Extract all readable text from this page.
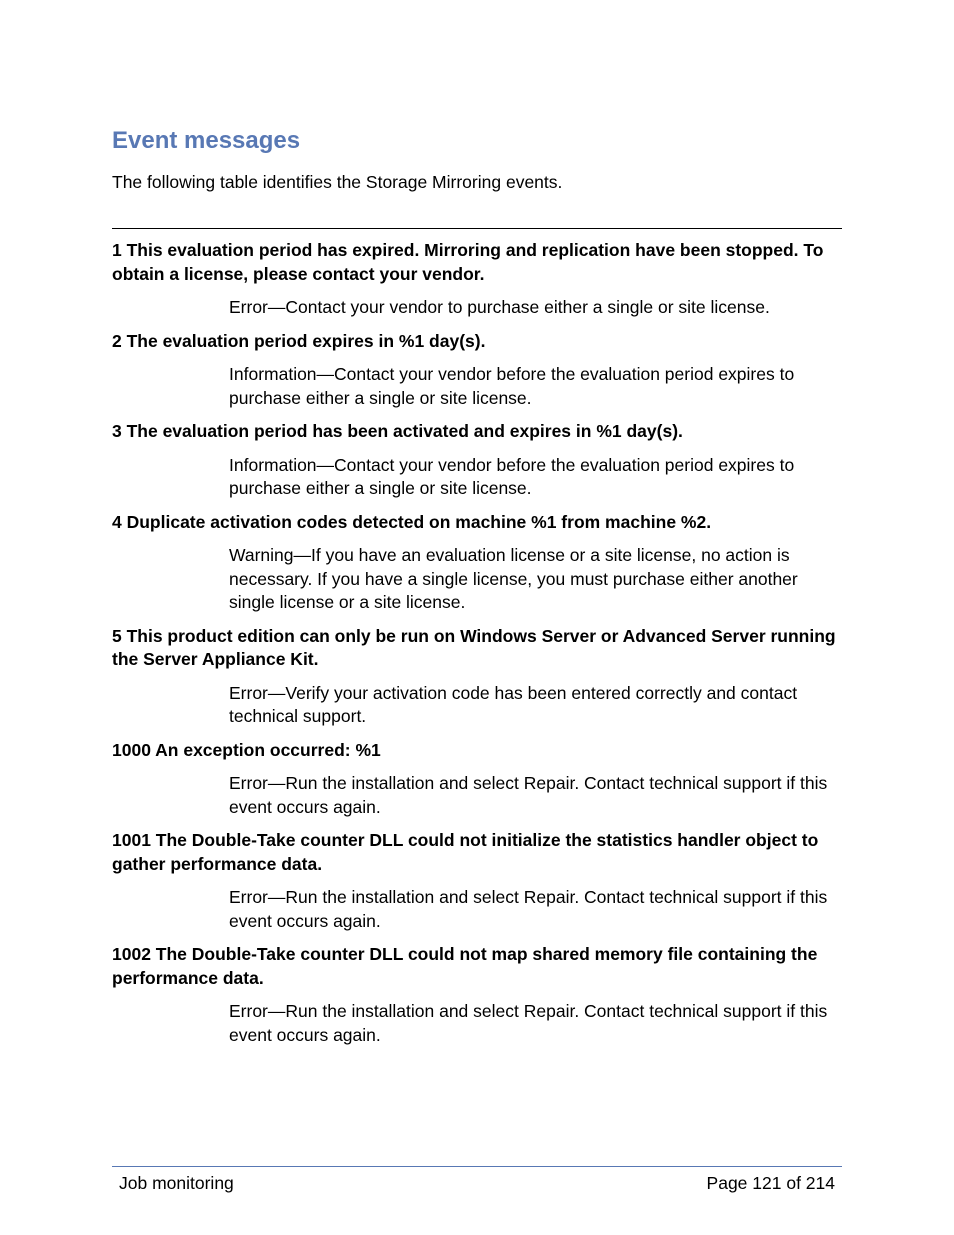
Event messages

The following table identifies the Storage Mirroring events.

1 This evaluation period has expired. Mirroring and replication have been stopped. To obtain a license, please contact your vendor.

Error—Contact your vendor to purchase either a single or site license.

2 The evaluation period expires in %1 day(s).

Information—Contact your vendor before the evaluation period expires to purchase either a single or site license.

3 The evaluation period has been activated and expires in %1 day(s).

Information—Contact your vendor before the evaluation period expires to purchase either a single or site license.

4 Duplicate activation codes detected on machine %1 from machine %2.

Warning—If you have an evaluation license or a site license, no action is necessary. If you have a single license, you must purchase either another single license or a site license.

5 This product edition can only be run on Windows Server or Advanced Server running the Server Appliance Kit.

Error—Verify your activation code has been entered correctly and contact technical support.

1000 An exception occurred: %1

Error—Run the installation and select Repair. Contact technical support if this event occurs again.

1001 The Double-Take counter DLL could not initialize the statistics handler object to gather performance data.

Error—Run the installation and select Repair. Contact technical support if this event occurs again.

1002 The Double-Take counter DLL could not map shared memory file containing the performance data.

Error—Run the installation and select Repair. Contact technical support if this event occurs again.

Job monitoring	Page 121 of 214
